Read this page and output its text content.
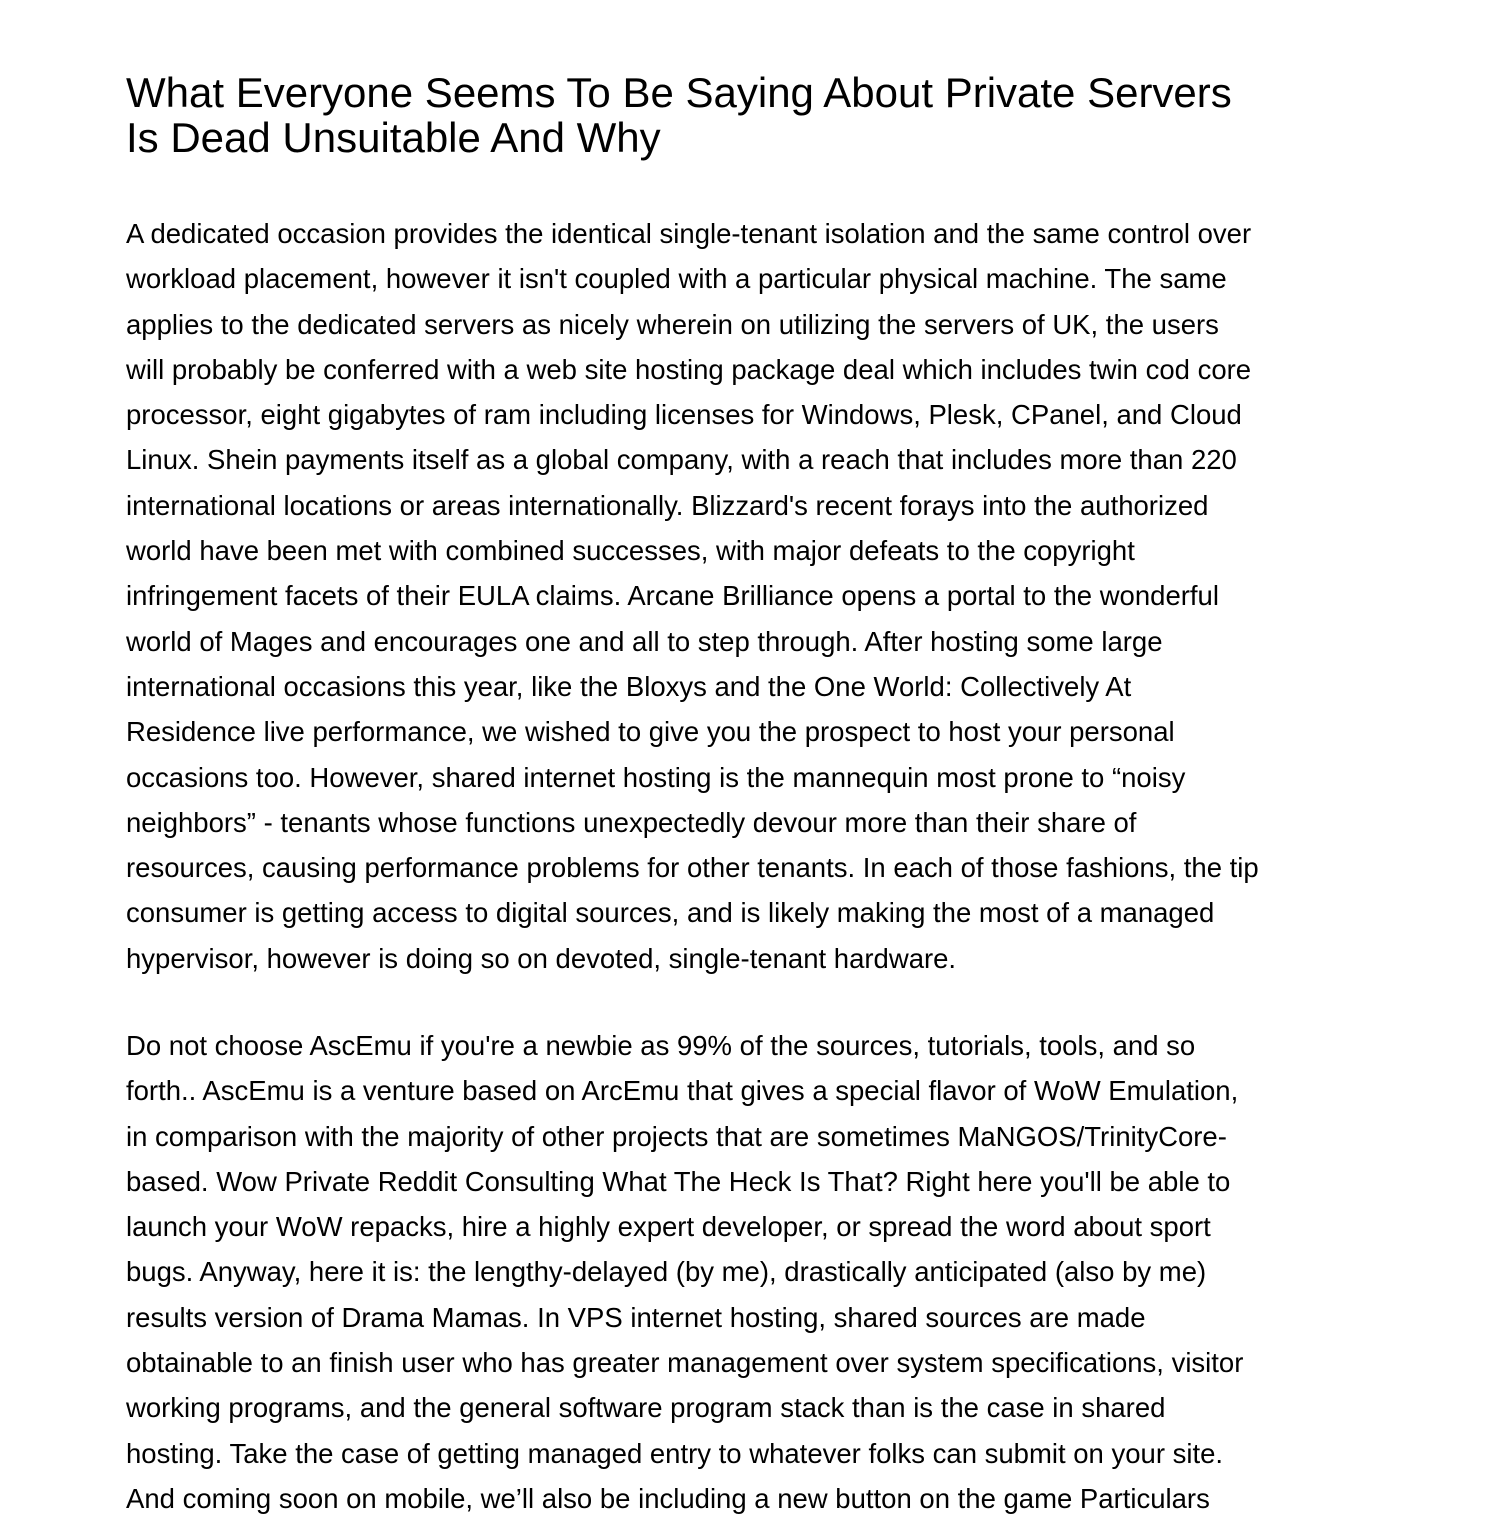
What Everyone Seems To Be Saying About Private Servers
Is Dead Unsuitable And Why

A dedicated occasion provides the identical single-tenant isolation and the same control over
workload placement, however it isn't coupled with a particular physical machine. The same
applies to the dedicated servers as nicely wherein on utilizing the servers of UK, the users
will probably be conferred with a web site hosting package deal which includes twin cod core
processor, eight gigabytes of ram including licenses for Windows, Plesk, CPanel, and Cloud
Linux. Shein payments itself as a global company, with a reach that includes more than 220
international locations or areas internationally. Blizzard's recent forays into the authorized
world have been met with combined successes, with major defeats to the copyright
infringement facets of their EULA claims. Arcane Brilliance opens a portal to the wonderful
world of Mages and encourages one and all to step through. After hosting some large
international occasions this year, like the Bloxys and the One World: Collectively At
Residence live performance, we wished to give you the prospect to host your personal
occasions too. However, shared internet hosting is the mannequin most prone to “noisy
neighbors” - tenants whose functions unexpectedly devour more than their share of
resources, causing performance problems for other tenants. In each of those fashions, the tip
consumer is getting access to digital sources, and is likely making the most of a managed
hypervisor, however is doing so on devoted, single-tenant hardware.

Do not choose AscEmu if you're a newbie as 99% of the sources, tutorials, tools, and so
forth.. AscEmu is a venture based on ArcEmu that gives a special flavor of WoW Emulation,
in comparison with the majority of other projects that are sometimes MaNGOS/TrinityCore-
based. Wow Private Reddit Consulting What The Heck Is That? Right here you'll be able to
launch your WoW repacks, hire a highly expert developer, or spread the word about sport
bugs. Anyway, here it is: the lengthy-delayed (by me), drastically anticipated (also by me)
results version of Drama Mamas. In VPS internet hosting, shared sources are made
obtainable to an finish user who has greater management over system specifications, visitor
working programs, and the general software program stack than is the case in shared
hosting. Take the case of getting managed entry to whatever folks can submit on your site.
And coming soon on mobile, we’ll also be including a new button on the game Particulars
